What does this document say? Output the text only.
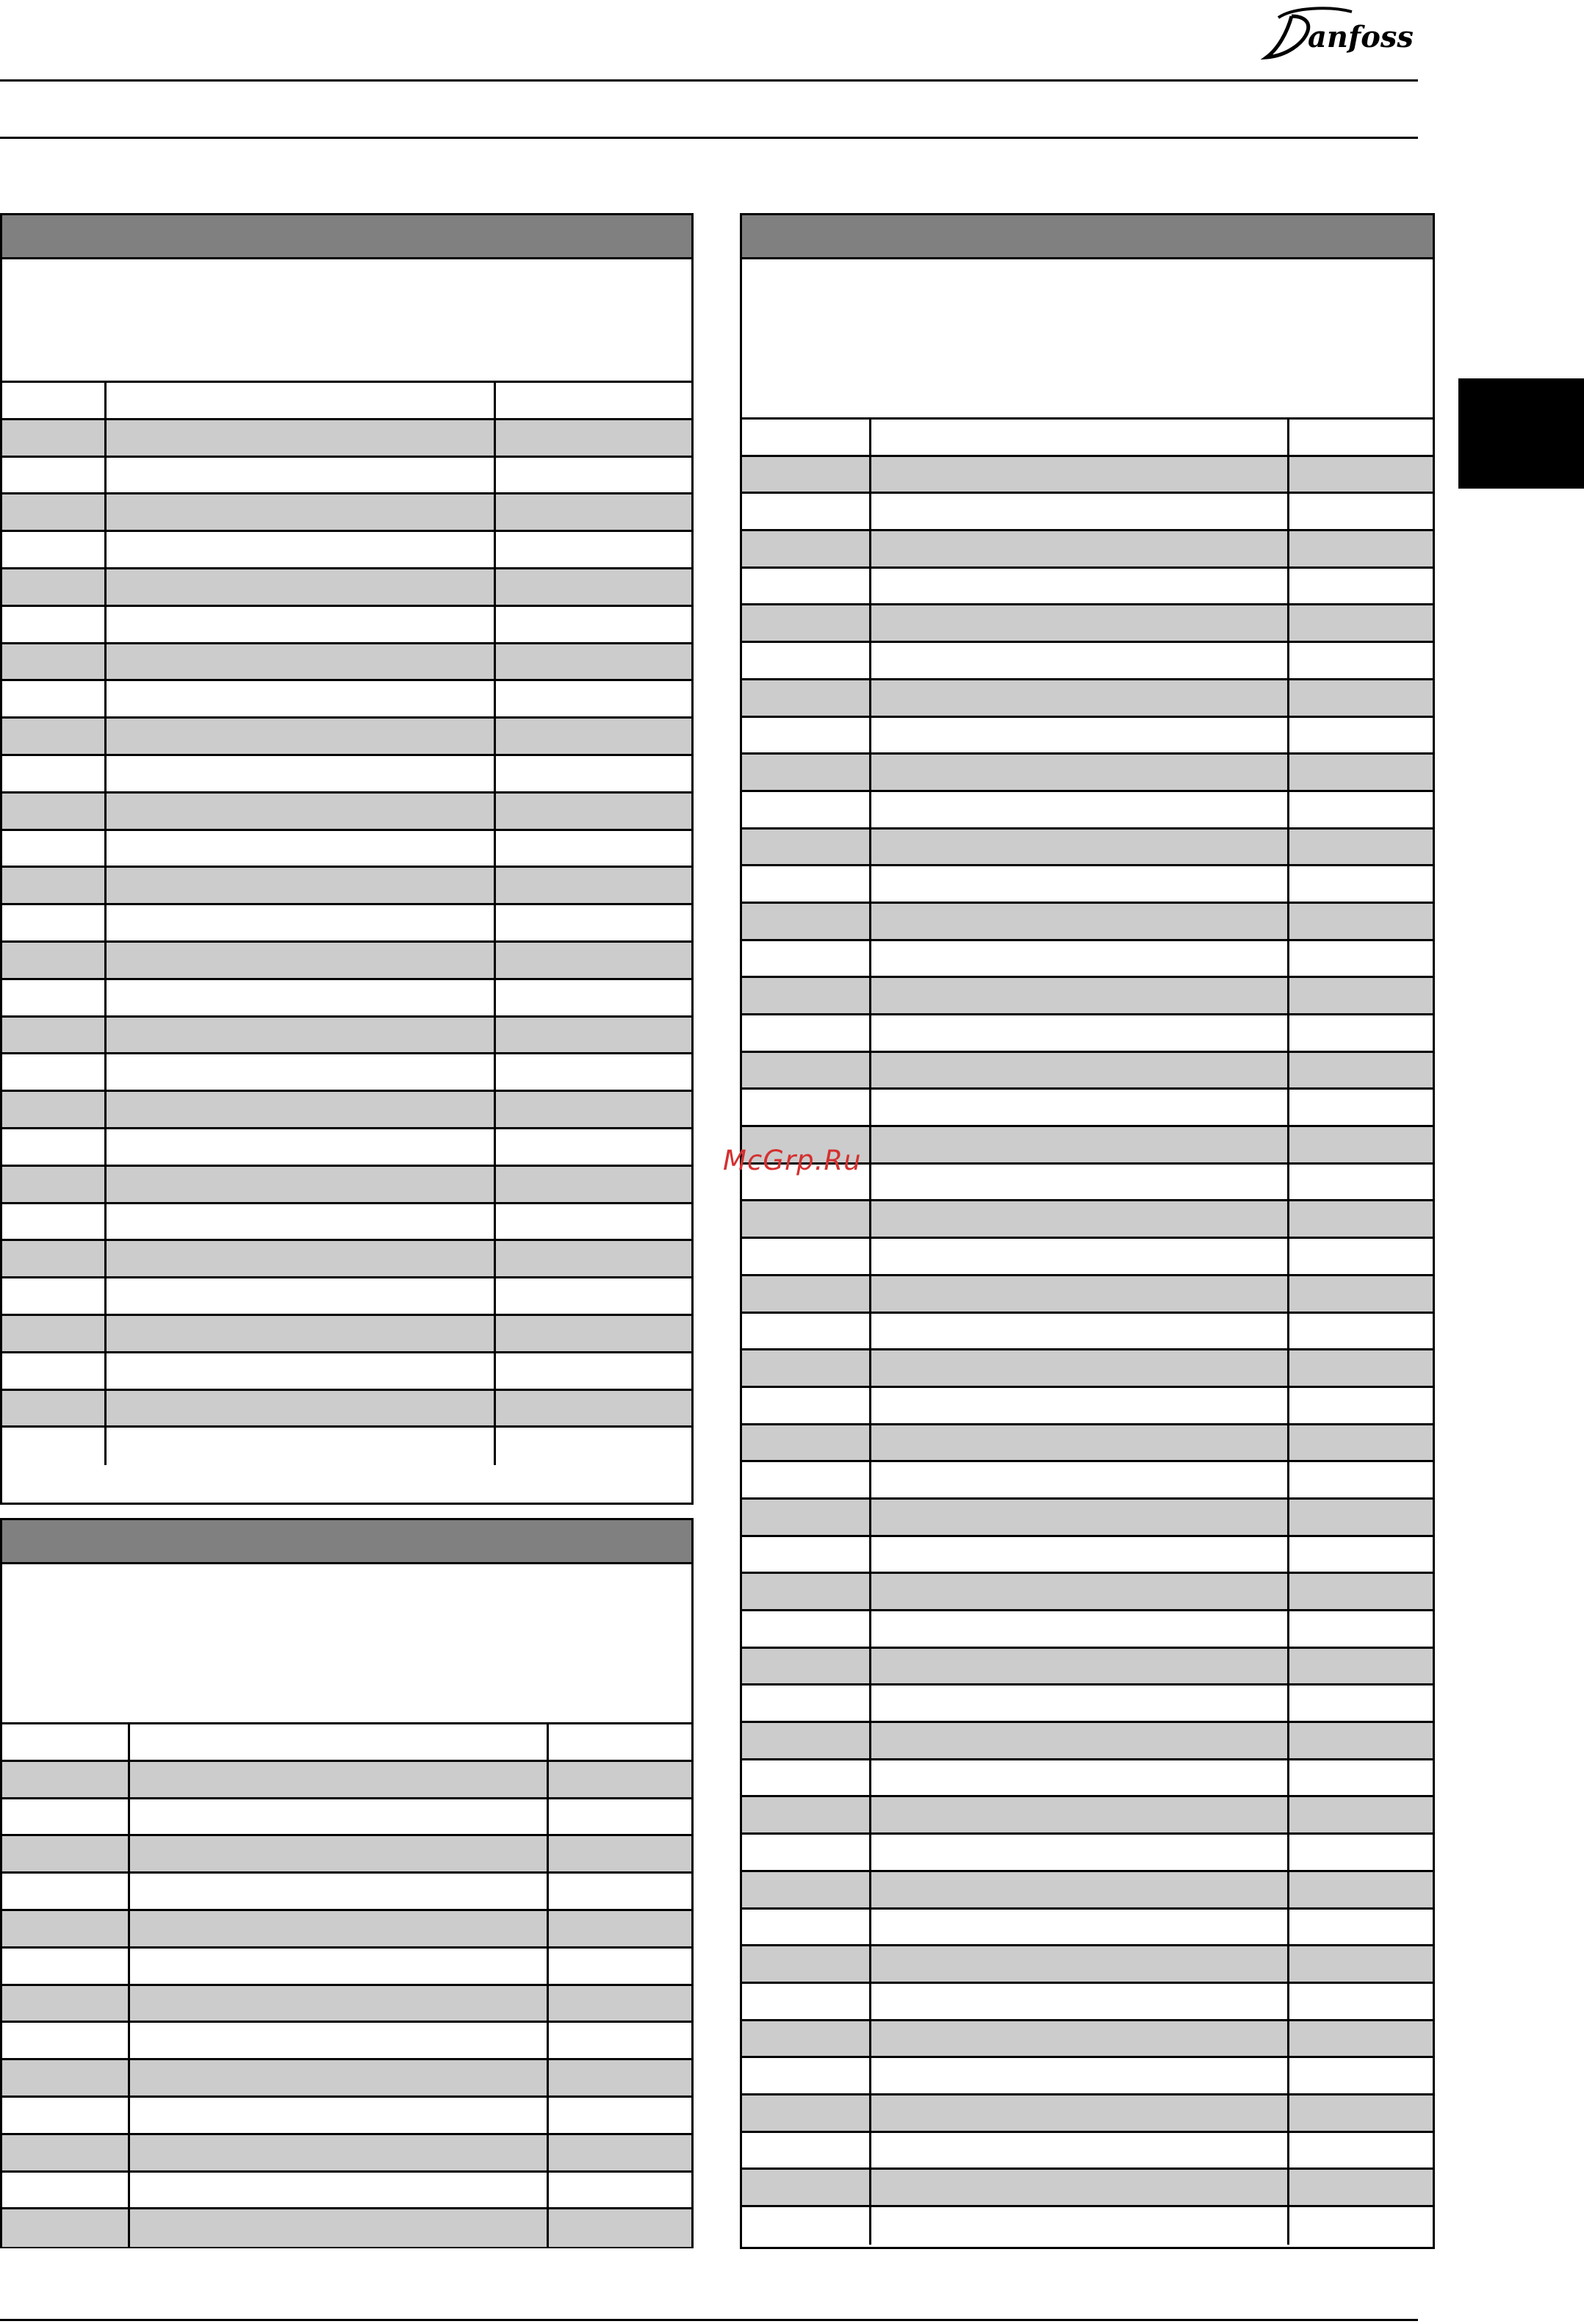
anfoss
McGrp.Ru
